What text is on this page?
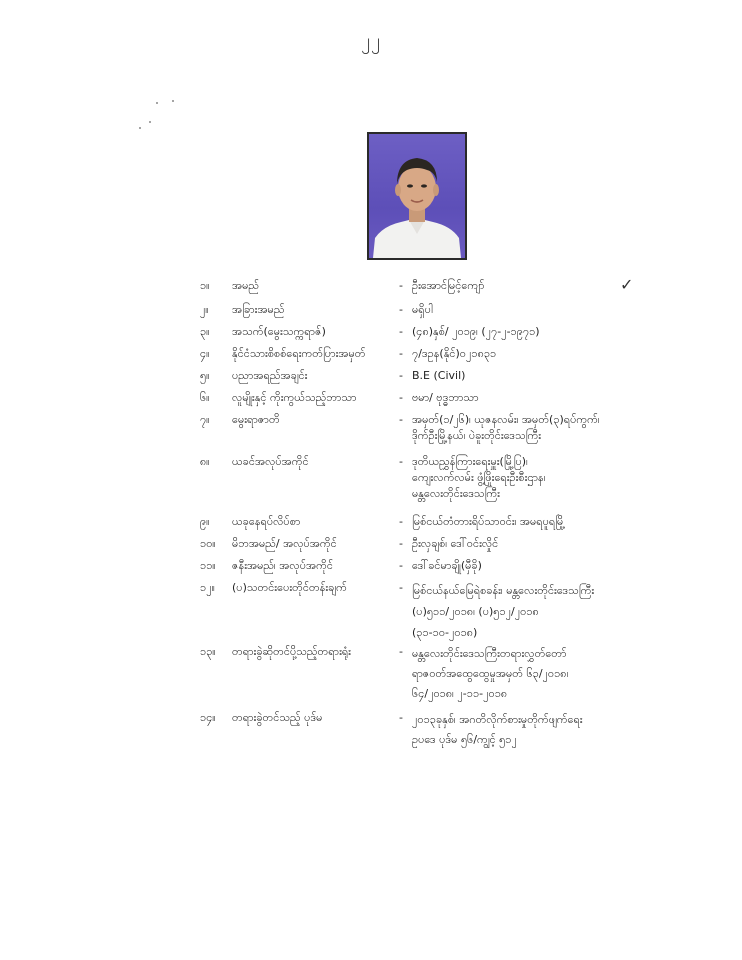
၂၂
✓
၁။	အမည်	- ဦးအောင်မြင့်ကျော်
၂။	အခြားအမည်	- မရှိပါ
၃။	အသက်(မွေးသက္ကရာဇ်)	- (၄၈)နှစ်/ ၂၀၁၉၊ (၂၇-၂-၁၉၇၁)
၄။	နိုင်ငံသားစိစစ်ရေးကတ်ပြားအမှတ်	- ၇/ဒဥန(နိုင်)၀၂၁၈၃၁
၅။	ပညာအရည်အချင်း	- B.E (Civil)
၆။	လူမျိုးနှင့် ကိုးကွယ်သည့်ဘာသာ	- ဗမာ/ ဗုဒ္ဓဘာသာ
၇။	မွေးရာဇာတိ	- အမှတ်(၁/၂၆)၊ ယုဇနလမ်း၊ အမှတ်(၃)ရပ်ကွက်၊
ဒိုက်ဦးမြို့နယ်၊ ပဲခူးတိုင်းဒေသကြီး
၈။	ယခင်အလုပ်အကိုင်	- ဒုတိယညွှန်ကြားရေးမှူး(မြို့ပြ)၊
ကျေးလက်လမ်း ဖွံ့ဖြိုးရေးဦးစီးဌာန၊
မန္တလေးတိုင်းဒေသကြီး
၉။	ယခုနေရပ်လိပ်စာ	- မြစ်ငယ်တံတားရိပ်သာဝင်း၊ အမရပူရမြို့
၁၀။	မိဘအမည်/ အလုပ်အကိုင်	- ဦးလှချစ်၊ ဒေါ်ဝင်းလှိုင်
၁၁။	ဇနီးအမည်၊ အလုပ်အကိုင်	- ဒေါ်ခင်မာချို(မှီခို)
၁၂။	(ပ)သတင်းပေးတိုင်တန်းချက်	- မြစ်ငယ်နယ်မြေရဲစခန်း၊ မန္တလေးတိုင်းဒေသကြီး
(ပ)၅၁၁/၂၀၁၈၊ (ပ)၅၁၂/၂၀၁၈
(၃၁-၁၀-၂၀၁၈)
၁၃။	တရားခွဲဆိုတင်ပို့သည့်တရားရုံး	- မန္တလေးတိုင်းဒေသကြီးတရားလွှတ်တော်
ရာဇဝတ်အထွေထွေမှုအမှတ် ၆၃/၂၀၁၈၊
၆၄/၂၀၁၈၊ ၂-၁၁-၂၀၁၈
၁၄။	တရားခွဲတင်သည့် ပုဒ်မ	- ၂၀၁၃ခုနှစ်၊ အဂတိလိုက်စားမှုတိုက်ဖျက်ရေး
ဥပဒေ ပုဒ်မ ၅၆/ကျွင့် ၅၁၂
